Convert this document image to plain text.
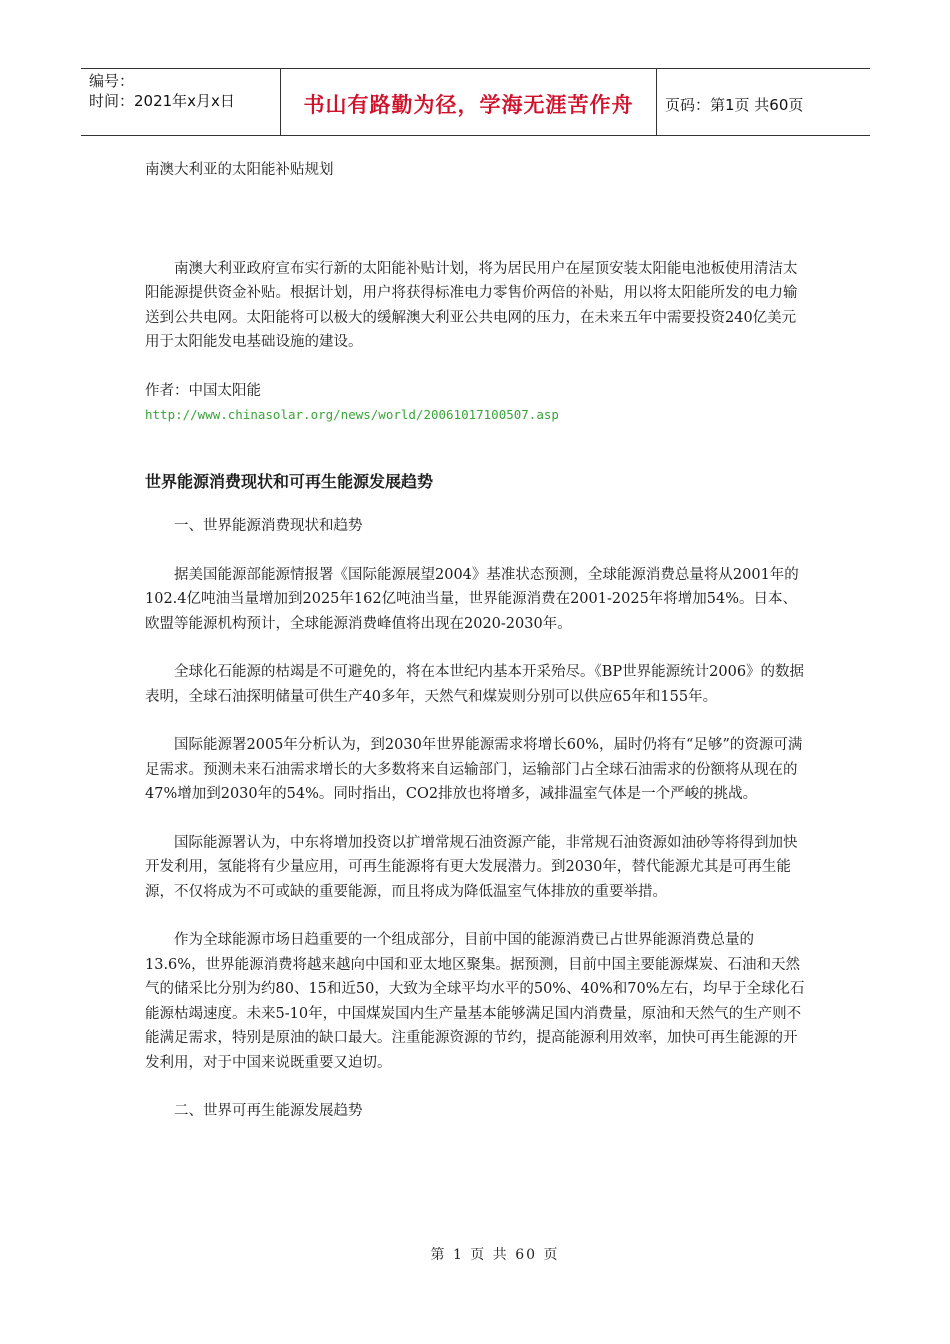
编号：
时间：2021年x月x日	书山有路勤为径，学海无涯苦作舟	页码：第1页 共60页

南澳大利亚的太阳能补贴规划

南澳大利亚政府宣布实行新的太阳能补贴计划，将为居民用户在屋顶安装太阳能电池板使用清洁太阳能源提供资金补贴。根据计划，用户将获得标准电力零售价两倍的补贴，用以将太阳能所发的电力输送到公共电网。太阳能将可以极大的缓解澳大利亚公共电网的压力，在未来五年中需要投资240亿美元用于太阳能发电基础设施的建设。

作者：中国太阳能

http://www.chinasolar.org/news/world/20061017100507.asp

世界能源消费现状和可再生能源发展趋势

一、世界能源消费现状和趋势

据美国能源部能源情报署《国际能源展望2004》基准状态预测，全球能源消费总量将从2001年的102.4亿吨油当量增加到2025年162亿吨油当量，世界能源消费在2001-2025年将增加54%。日本、欧盟等能源机构预计，全球能源消费峰值将出现在2020-2030年。

全球化石能源的枯竭是不可避免的，将在本世纪内基本开采殆尽。《BP世界能源统计2006》的数据表明，全球石油探明储量可供生产40多年，天然气和煤炭则分别可以供应65年和155年。

国际能源署2005年分析认为，到2030年世界能源需求将增长60%，届时仍将有“足够”的资源可满足需求。预测未来石油需求增长的大多数将来自运输部门，运输部门占全球石油需求的份额将从现在的47%增加到2030年的54%。同时指出，CO2排放也将增多，减排温室气体是一个严峻的挑战。

国际能源署认为，中东将增加投资以扩增常规石油资源产能，非常规石油资源如油砂等将得到加快开发利用，氢能将有少量应用，可再生能源将有更大发展潜力。到2030年，替代能源尤其是可再生能源，不仅将成为不可或缺的重要能源，而且将成为降低温室气体排放的重要举措。

作为全球能源市场日趋重要的一个组成部分，目前中国的能源消费已占世界能源消费总量的13.6%，世界能源消费将越来越向中国和亚太地区聚集。据预测，目前中国主要能源煤炭、石油和天然气的储采比分别为约80、15和近50，大致为全球平均水平的50%、40%和70%左右，均早于全球化石能源枯竭速度。未来5-10年，中国煤炭国内生产量基本能够满足国内消费量，原油和天然气的生产则不能满足需求，特别是原油的缺口最大。注重能源资源的节约，提高能源利用效率，加快可再生能源的开发利用，对于中国来说既重要又迫切。

二、世界可再生能源发展趋势

第 1 页 共 60 页
